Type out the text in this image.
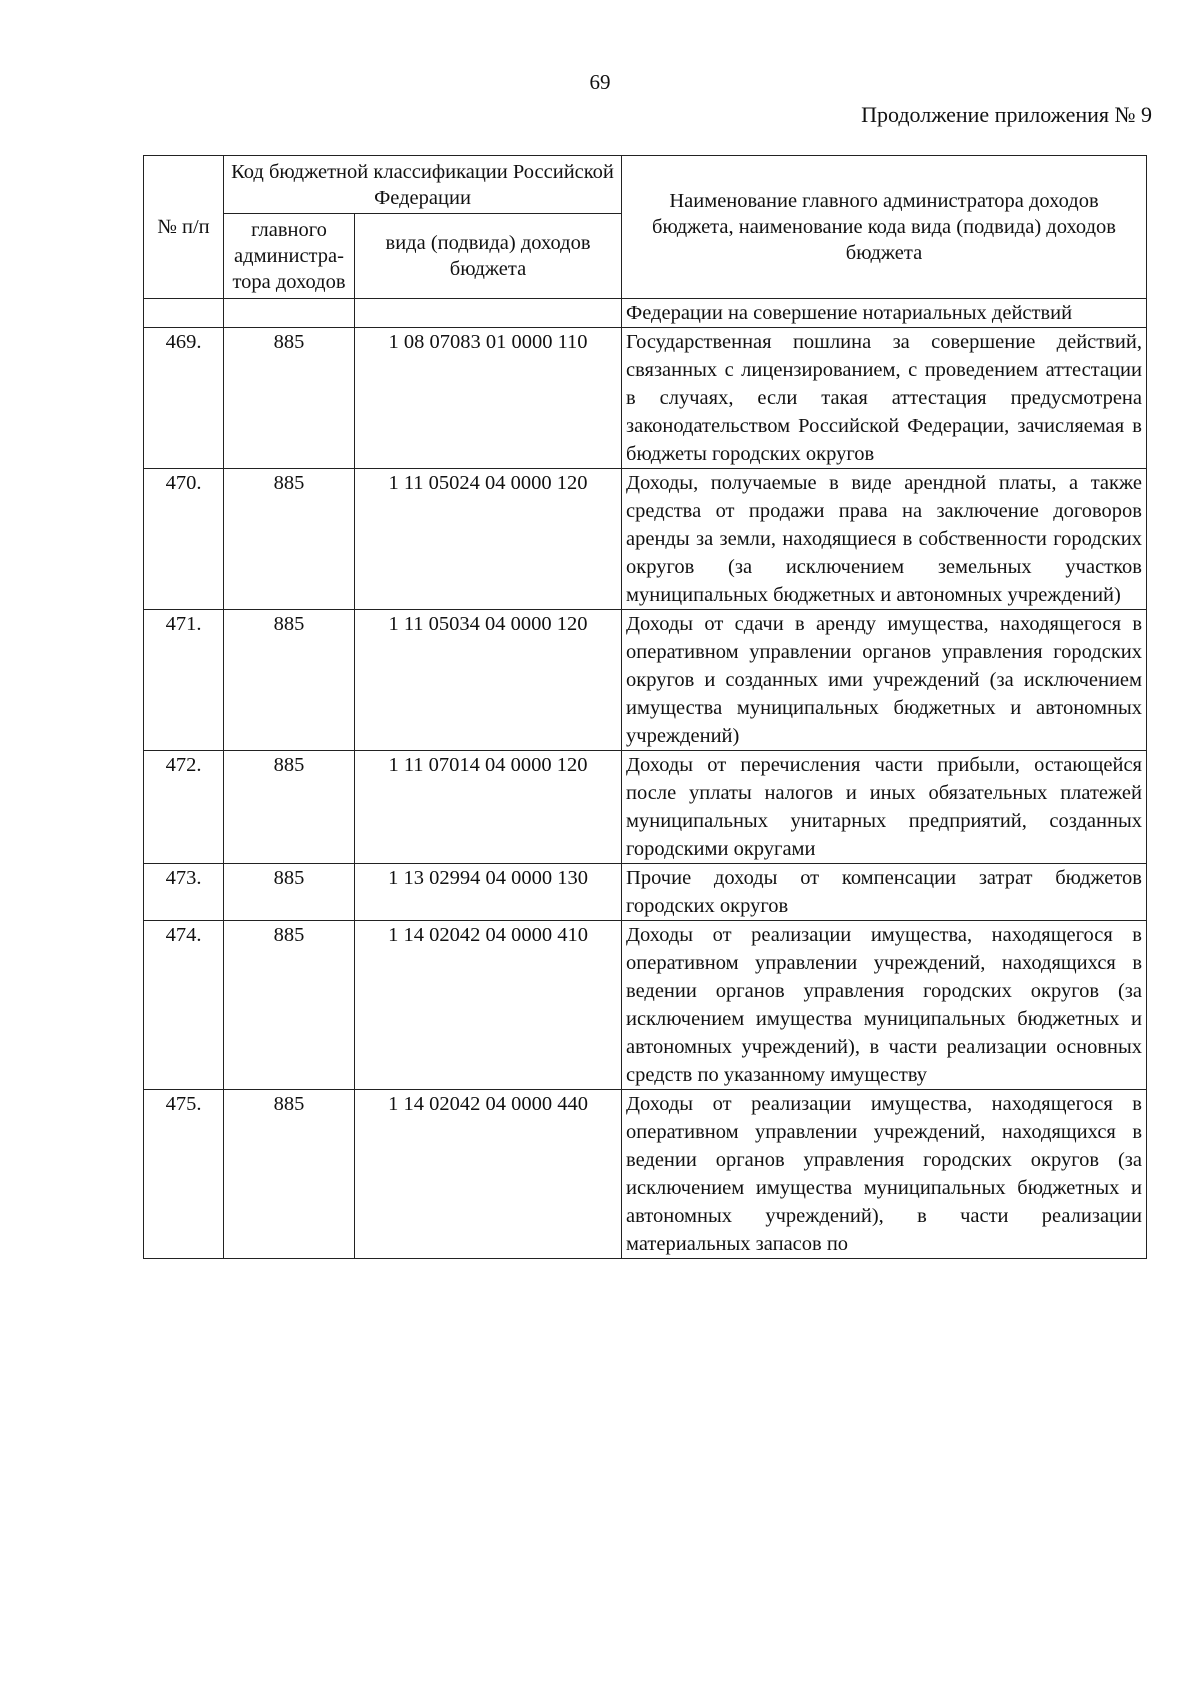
69
Продолжение приложения № 9
№ п/п	Код бюджетной классификации Российской Федерации		Наименование главного администратора доходов бюджета, наименование кода вида (подвида) доходов бюджета
	главного администра-тора доходов	вида (подвида) доходов бюджета	
			Федерации на совершение нотариальных действий
469.	885	1 08 07083 01 0000 110	Государственная пошлина за совершение действий, связанных с лицензированием, с проведением аттестации в случаях, если такая аттестация предусмотрена законодательством Российской Федерации, зачисляемая в бюджеты городских округов
470.	885	1 11 05024 04 0000 120	Доходы, получаемые в виде арендной платы, а также средства от продажи права на заключение договоров аренды за земли, находящиеся в собственности городских округов (за исключением земельных участков муниципальных бюджетных и автономных учреждений)
471.	885	1 11 05034 04 0000 120	Доходы от сдачи в аренду имущества, находящегося в оперативном управлении органов управления городских округов и созданных ими учреждений (за исключением имущества муниципальных бюджетных и автономных учреждений)
472.	885	1 11 07014 04 0000 120	Доходы от перечисления части прибыли, остающейся после уплаты налогов и иных обязательных платежей муниципальных унитарных предприятий, созданных городскими округами
473.	885	1 13 02994 04 0000 130	Прочие доходы от компенсации затрат бюджетов городских округов
474.	885	1 14 02042 04 0000 410	Доходы от реализации имущества, находящегося в оперативном управлении учреждений, находящихся в ведении органов управления городских округов (за исключением имущества муниципальных бюджетных и автономных учреждений), в части реализации основных средств по указанному имуществу
475.	885	1 14 02042 04 0000 440	Доходы от реализации имущества, находящегося в оперативном управлении учреждений, находящихся в ведении органов управления городских округов (за исключением имущества муниципальных бюджетных и автономных учреждений), в части реализации материальных запасов по
